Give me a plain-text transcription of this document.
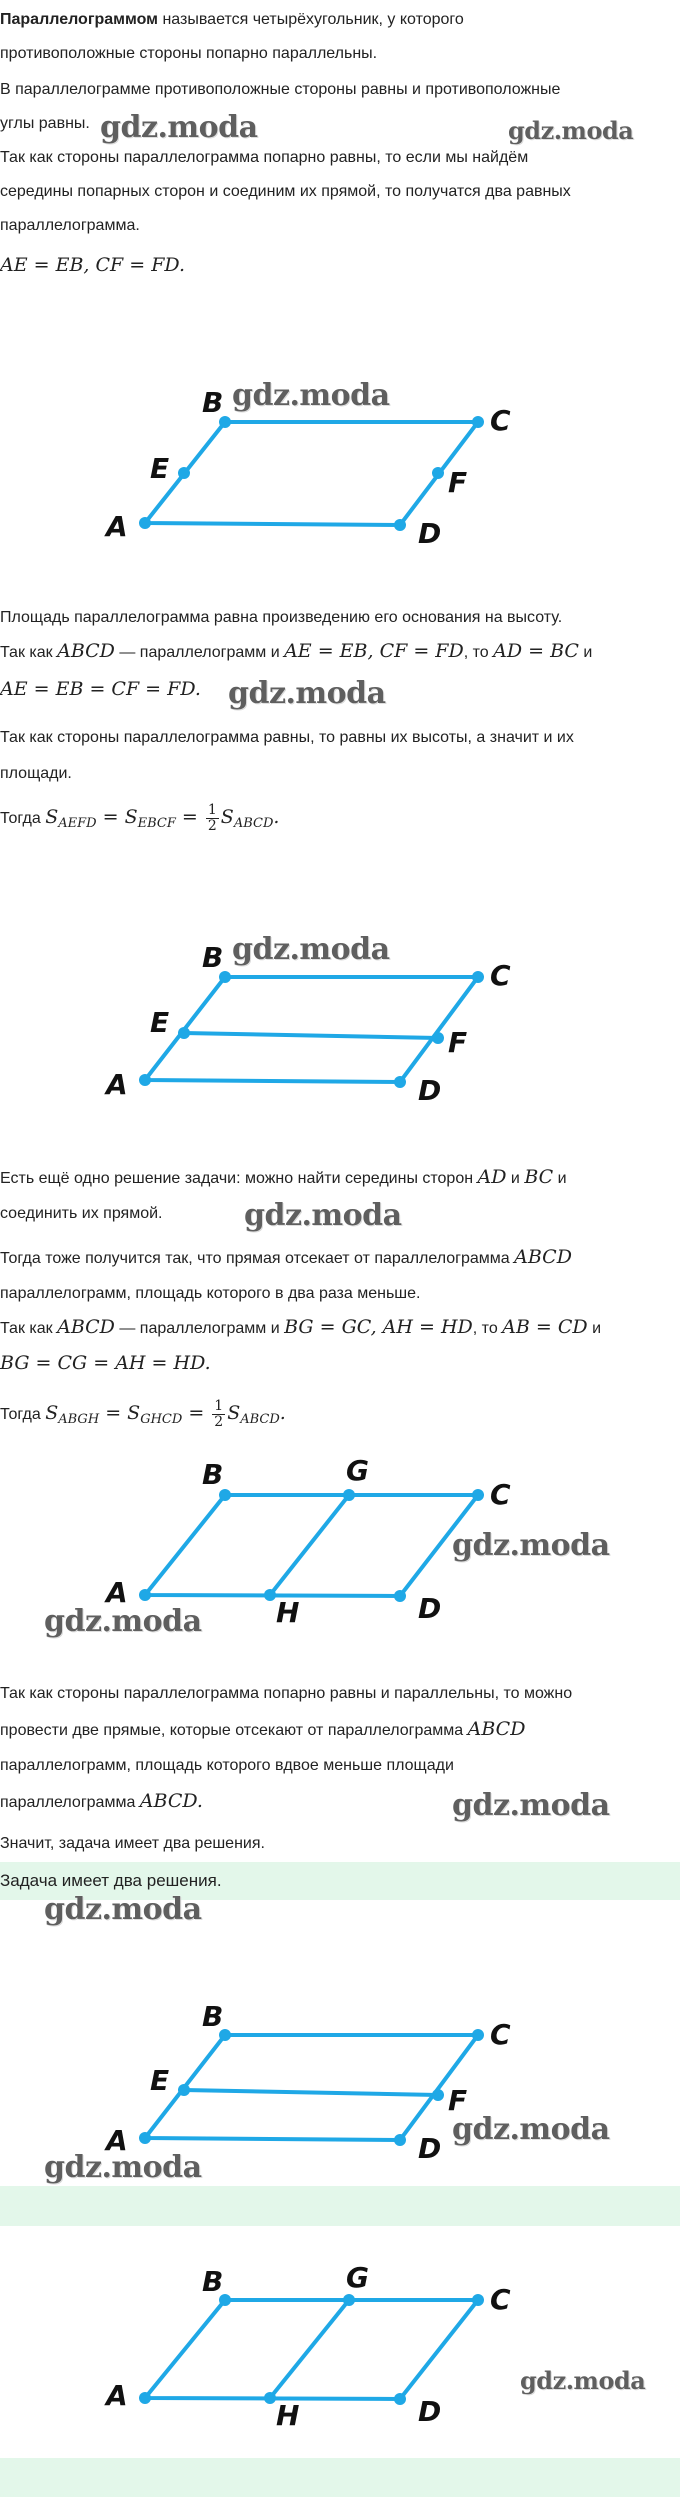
Параллелограммом называется четырёхугольник, у которого

противоположные стороны попарно параллельны.

В параллелограмме противоположные стороны равны и противоположные

углы равны.

Так как стороны параллелограмма попарно равны, то если мы найдём

середины попарных сторон и соединим их прямой, то получатся два равных

параллелограмма.

AE = EB, CF = FD.

A
B
C
D
E	F

Площадь параллелограмма равна произведению его основания на высоту.

Так как ABCD — параллелограмм и AE = EB, CF = FD, то AD = BC и

AE = EB = CF = FD.

Так как стороны параллелограмма равны, то равны их высоты, а значит и их

площади.

Тогда $S_{AEFD} = S_{EBCF} = \frac{1}{2} S_{ABCD}$.

A
B
C
D
E
F

Есть ещё одно решение задачи: можно найти середины сторон AD и BC и

соединить их прямой.

Тогда тоже получится так, что прямая отсекает от параллелограмма ABCD

параллелограмм, площадь которого в два раза меньше.

Так как ABCD — параллелограмм и BG = GC, AH = HD, то AB = CD и

BG = CG = AH = HD.

Тогда $S_{ABGH} = S_{GHCD} = \frac{1}{2} S_{ABCD}$.

A
B
C
D
G
H

Так как стороны параллелограмма попарно равны и параллельны, то можно

провести две прямые, которые отсекают от параллелограмма ABCD

параллелограмм, площадь которого вдвое меньше площади

параллелограмма ABCD.

Значит, задача имеет два решения.

Задача имеет два решения.
A
B
C
D
E
F
A
B
C
D
G
H
gdz.moda	gdz.moda
gdz.moda
gdz.moda
gdz.moda
gdz.moda
gdz.moda
gdz.moda
gdz.moda
gdz.moda
gdz.moda
gdz.moda
gdz.moda
